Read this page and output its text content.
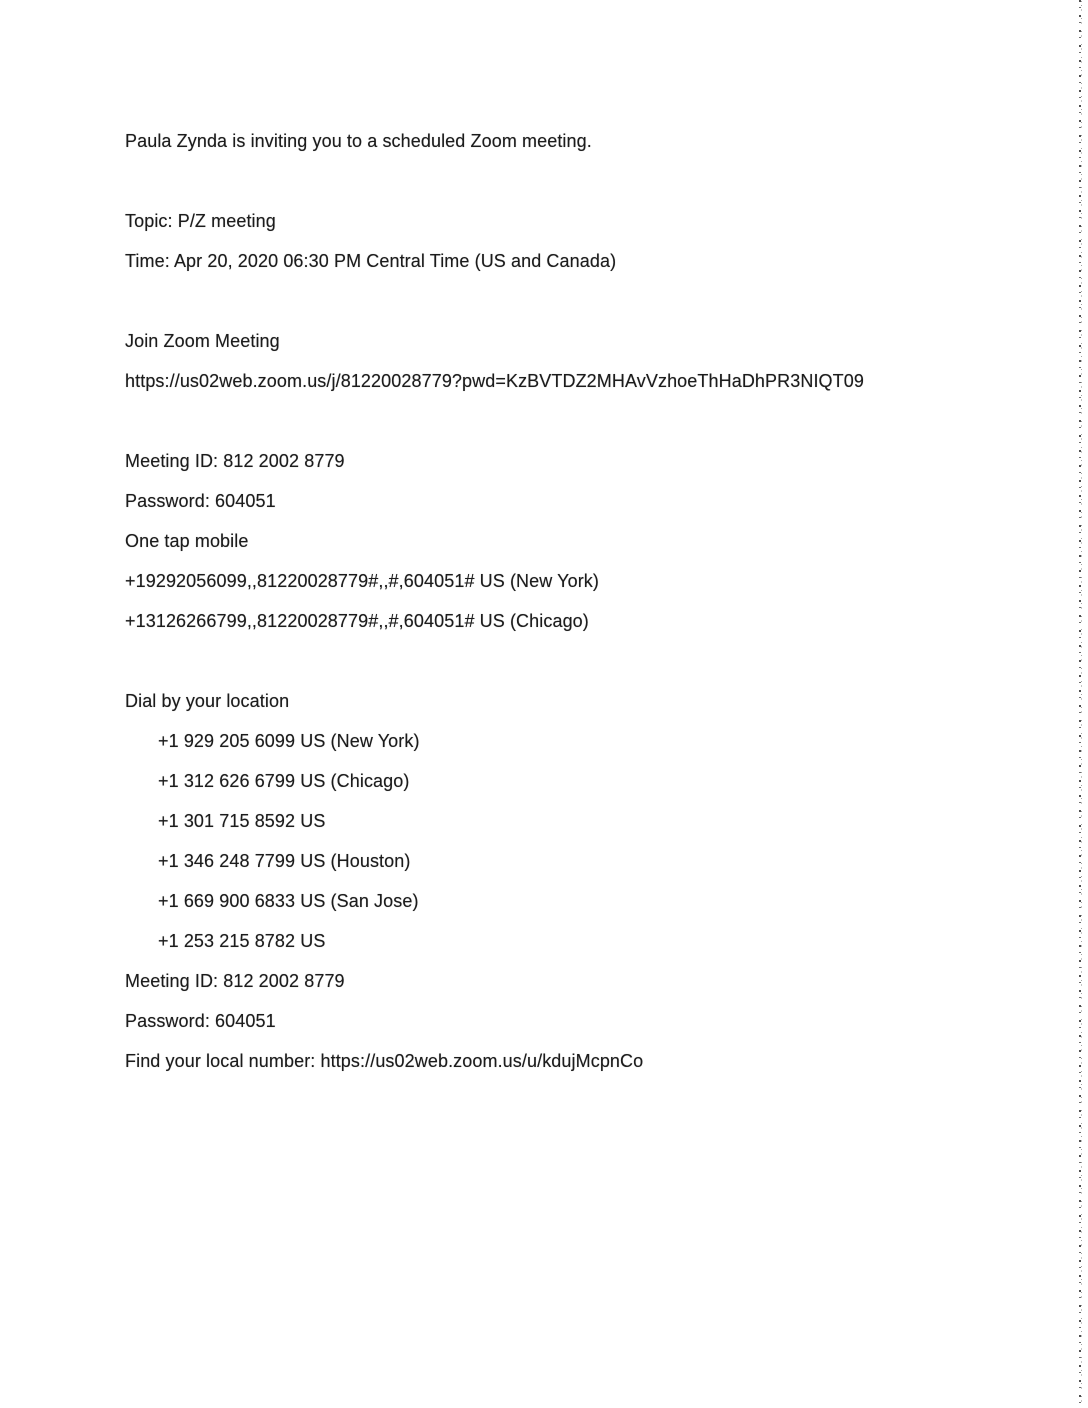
Paula Zynda is inviting you to a scheduled Zoom meeting.

Topic: P/Z meeting

Time: Apr 20, 2020 06:30 PM Central Time (US and Canada)

Join Zoom Meeting

https://us02web.zoom.us/j/81220028779?pwd=KzBVTDZ2MHAvVzhoeThHaDhPR3NIQT09

Meeting ID: 812 2002 8779

Password: 604051

One tap mobile

+19292056099,,81220028779#,,#,604051# US (New York)

+13126266799,,81220028779#,,#,604051# US (Chicago)

Dial by your location

+1 929 205 6099 US (New York)

+1 312 626 6799 US (Chicago)

+1 301 715 8592 US

+1 346 248 7799 US (Houston)

+1 669 900 6833 US (San Jose)

+1 253 215 8782 US

Meeting ID: 812 2002 8779

Password: 604051

Find your local number: https://us02web.zoom.us/u/kdujMcpnCo
